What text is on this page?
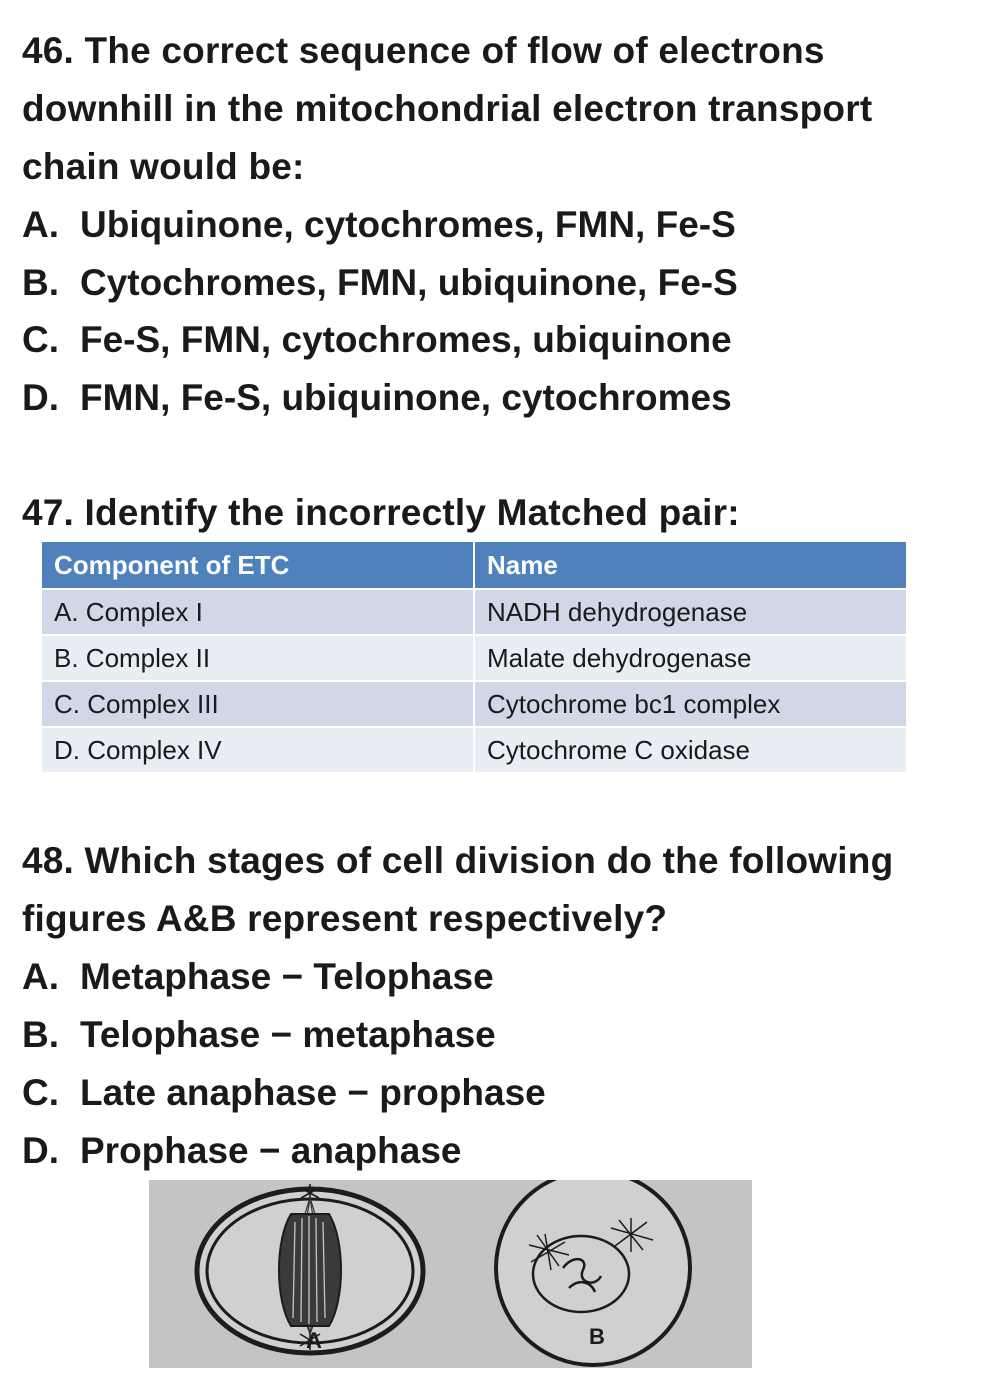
46. The correct sequence of flow of electrons
downhill in the mitochondrial electron transport
chain would be:
A. Ubiquinone, cytochromes, FMN, Fe-S
B. Cytochromes, FMN, ubiquinone, Fe-S
C. Fe-S, FMN, cytochromes, ubiquinone
D. FMN, Fe-S, ubiquinone, cytochromes
47. Identify the incorrectly Matched pair:
Component of ETC	Name
A. Complex I	NADH dehydrogenase
B. Complex II	Malate dehydrogenase
C. Complex III	Cytochrome bc1 complex
D. Complex IV	Cytochrome C oxidase
48. Which stages of cell division do the following
figures A&B represent respectively?
A. Metaphase − Telophase
B. Telophase − metaphase
C. Late anaphase − prophase
D. Prophase − anaphase
A	B
